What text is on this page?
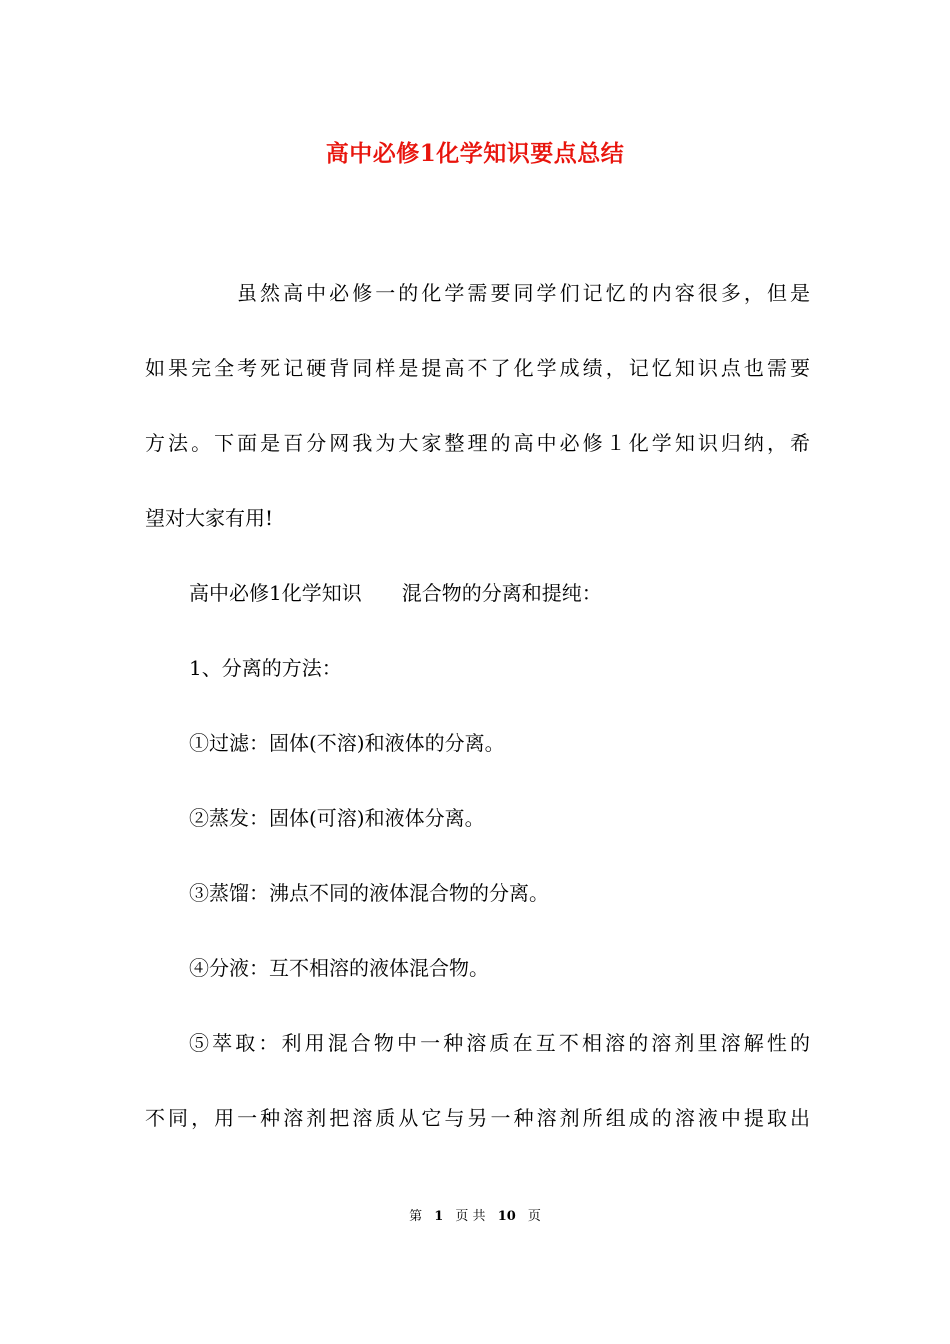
高中必修1化学知识要点总结
虽然高中必修一的化学需要同学们记忆的内容很多，但是
如果完全考死记硬背同样是提高不了化学成绩，记忆知识点也需要
方法。下面是百分网我为大家整理的高中必修１化学知识归纳，希
望对大家有用!
高中必修1化学知识　　混合物的分离和提纯：
1、分离的方法：
①过滤：固体(不溶)和液体的分离。
②蒸发：固体(可溶)和液体分离。
③蒸馏：沸点不同的液体混合物的分离。
④分液：互不相溶的液体混合物。
⑤萃取：利用混合物中一种溶质在互不相溶的溶剂里溶解性的
不同，用一种溶剂把溶质从它与另一种溶剂所组成的溶液中提取出
第 1 页 共 10 页
